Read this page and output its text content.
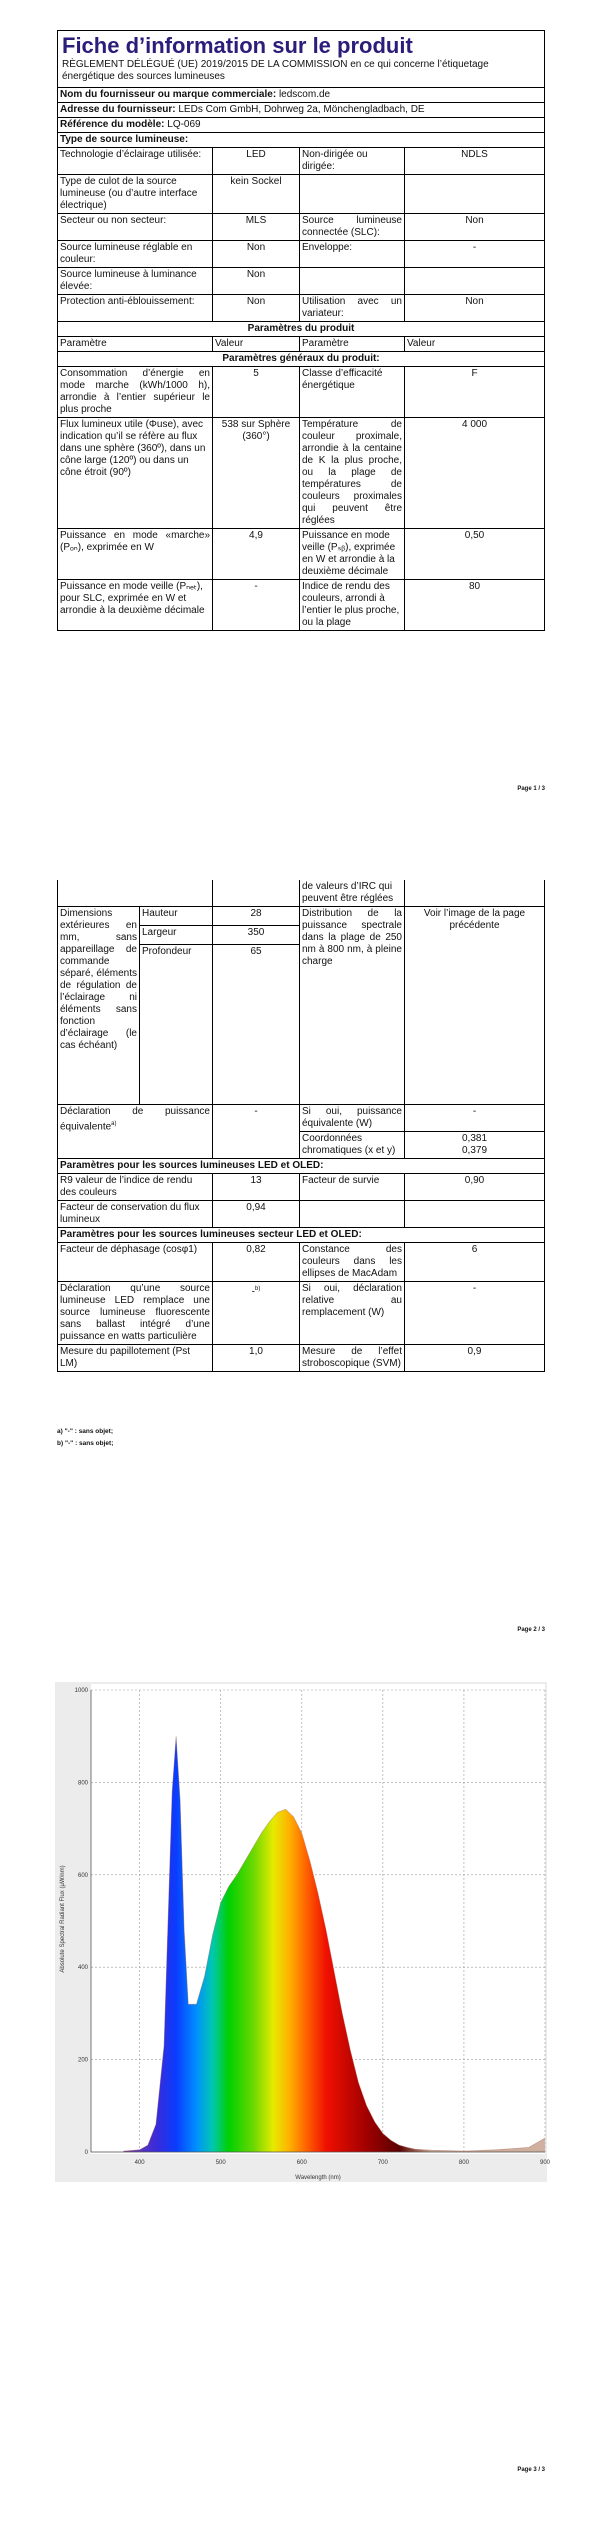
Fiche d’information sur le produit
RÈGLEMENT DÉLÉGUÉ (UE) 2019/2015 DE LA COMMISSION en ce qui concerne l’étiquetage énergétique des sources lumineuses			

Nom du fournisseur ou marque commerciale: ledscom.de			
Adresse du fournisseur: LEDs Com GmbH, Dohrweg 2a, Mönchengladbach, DE			
Référence du modèle: LQ-069			
Type de source lumineuse:			
Technologie d’éclairage utilisée:	LED	Non-dirigée ou dirigée:	NDLS
Type de culot de la source lumineuse (ou d’autre interface électrique)	kein Sockel		
Secteur ou non secteur:	MLS	Source lumineuse connectée (SLC):	Non
Source lumineuse réglable en couleur:	Non	Enveloppe:	-
Source lumineuse à luminance élevée:	Non		
Protection anti-éblouissement:	Non	Utilisation avec un variateur:	Non
Paramètres du produit			
Paramètre	Valeur	Paramètre	Valeur
Paramètres généraux du produit:			
Consommation d’énergie en mode marche (kWh/1000 h), arrondie à l’entier supérieur le plus proche	5	Classe d’efficacité énergétique	F
Flux lumineux utile (Φuse), avec indication qu’il se réfère au flux dans une sphère (360º), dans un cône large (120º) ou dans un cône étroit (90º)	538 sur Sphère (360°)	Température de couleur proximale, arrondie à la centaine de K la plus proche, ou la plage de températures de couleurs proximales qui peuvent être réglées	4 000
Puissance en mode «marche» (Pₒₙ), exprimée en W	4,9	Puissance en mode veille (Pₛᵦ), exprimée en W et arrondie à la deuxième décimale	0,50
Puissance en mode veille (Pₙₑₜ), pour SLC, exprimée en W et arrondie à la deuxième décimale	-	Indice de rendu des couleurs, arrondi à l’entier le plus proche, ou la plage	80
Page 1 / 3
			de valeurs d’IRC qui peuvent être réglées	
Dimensions extérieures en mm, sans appareillage de commande séparé, éléments de régulation de l’éclairage ni éléments sans fonction d’éclairage (le cas échéant)	Hauteur	28	Distribution de la puissance spectrale dans la plage de 250 nm à 800 nm, à pleine charge	Voir l’image de la page précédente
	Largeur	350		
	Profondeur	65		
Déclaration de puissance équivalente$^{a)}$		-	Si oui, puissance équivalente (W)	-
			Coordonnées chromatiques (x et y)	0,381
0,379

Paramètres pour les sources lumineuses LED et OLED:				
R9 valeur de l’indice de rendu des couleurs		13	Facteur de survie	0,90
Facteur de conservation du flux lumineux		0,94		
Paramètres pour les sources lumineuses secteur LED et OLED:				
Facteur de déphasage (cosφ1)		0,82	Constance des couleurs dans les ellipses de MacAdam	6
Déclaration qu’une source lumineuse LED remplace une source lumineuse fluorescente sans ballast intégré d’une puissance en watts particulière		-$^{b)}$	Si oui, déclaration relative au remplacement (W)	-
Mesure du papillotement (Pst LM)		1,0	Mesure de l’effet stroboscopique (SVM)	0,9
a) "-" : sans objet;
b) "-" : sans objet;
Page 2 / 3
Page 3 / 3
400	500	600	700	800	900
0
200
400
600
800
1000
Wavelength (nm)
Absolute Spectral Radiant Flux (µW/nm)
